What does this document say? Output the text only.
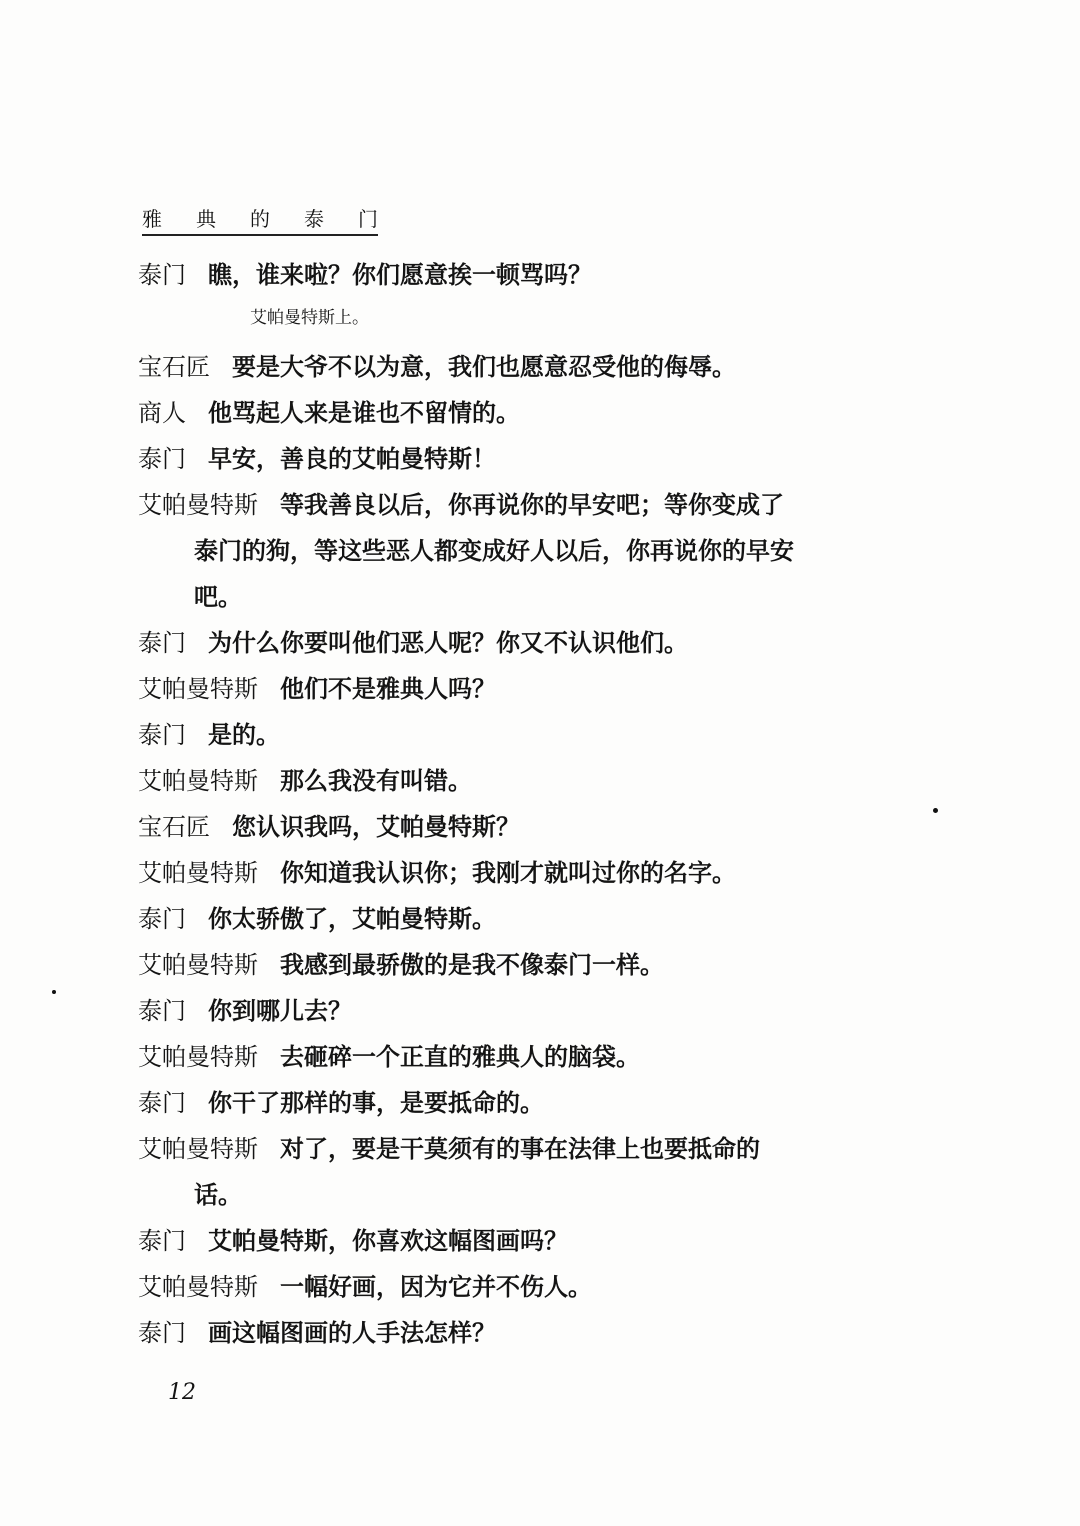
雅 典 的 泰 门
泰门 瞧，谁来啦？你们愿意挨一顿骂吗？
艾帕曼特斯上。
宝石匠 要是大爷不以为意，我们也愿意忍受他的侮辱。
商人 他骂起人来是谁也不留情的。
泰门 早安，善良的艾帕曼特斯！
艾帕曼特斯 等我善良以后，你再说你的早安吧；等你变成了
泰门的狗，等这些恶人都变成好人以后，你再说你的早安
吧。
泰门 为什么你要叫他们恶人呢？你又不认识他们。
艾帕曼特斯 他们不是雅典人吗？
泰门 是的。
艾帕曼特斯 那么我没有叫错。
宝石匠 您认识我吗，艾帕曼特斯？
艾帕曼特斯 你知道我认识你；我刚才就叫过你的名字。
泰门 你太骄傲了，艾帕曼特斯。
艾帕曼特斯 我感到最骄傲的是我不像泰门一样。
泰门 你到哪儿去？
艾帕曼特斯 去砸碎一个正直的雅典人的脑袋。
泰门 你干了那样的事，是要抵命的。
艾帕曼特斯 对了，要是干莫须有的事在法律上也要抵命的
话。
泰门 艾帕曼特斯，你喜欢这幅图画吗？
艾帕曼特斯 一幅好画，因为它并不伤人。
泰门 画这幅图画的人手法怎样？
12
